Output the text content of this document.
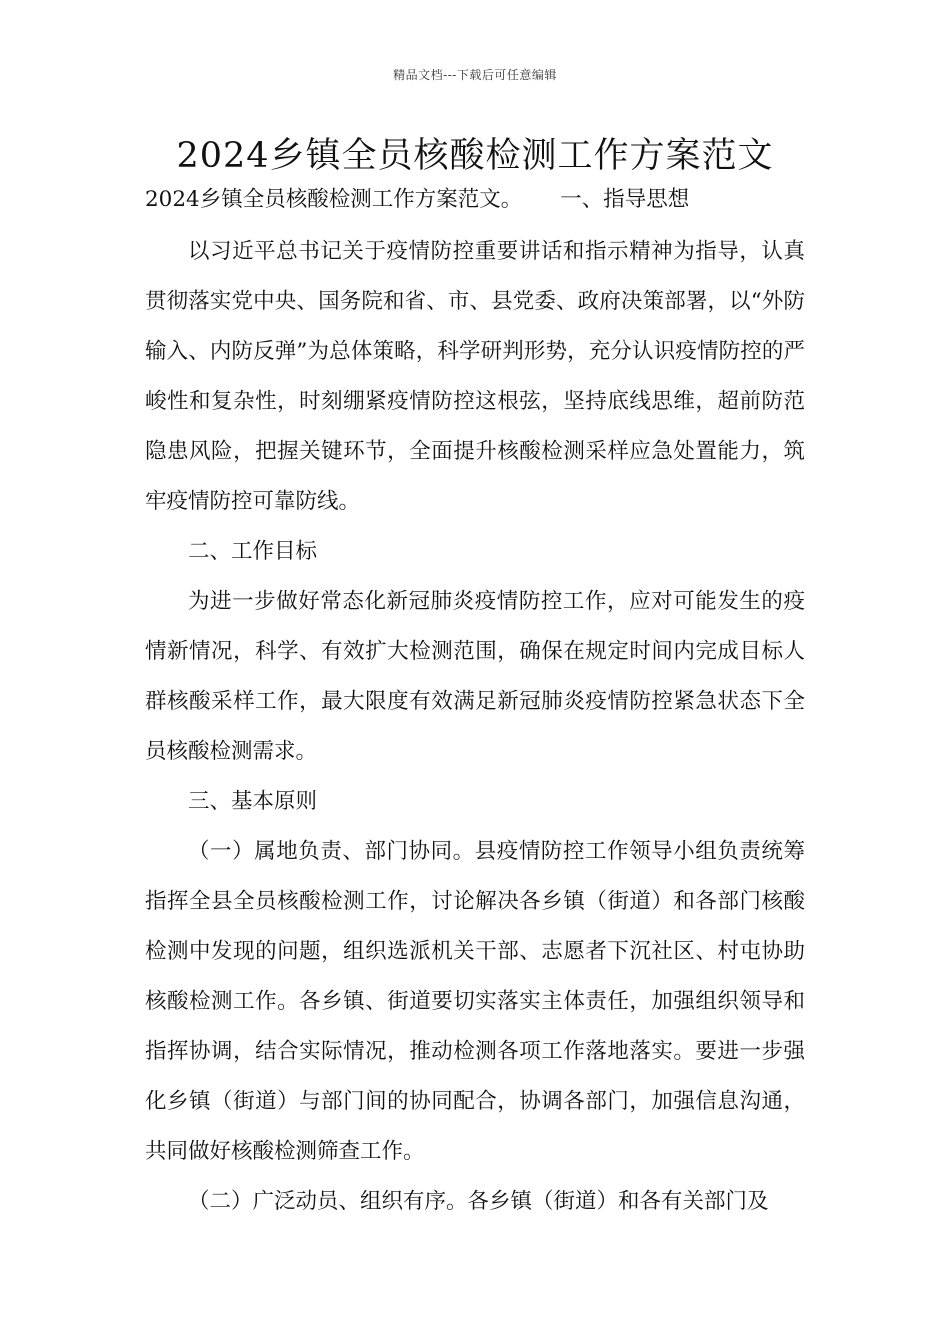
精品文档---下载后可任意编辑
2024乡镇全员核酸检测工作方案范文

2024乡镇全员核酸检测工作方案范文。 一、指导思想

以习近平总书记关于疫情防控重要讲话和指示精神为指导，认真贯彻落实党中央、国务院和省、市、县党委、政府决策部署，以“外防输入、内防反弹”为总体策略，科学研判形势，充分认识疫情防控的严峻性和复杂性，时刻绷紧疫情防控这根弦，坚持底线思维，超前防范隐患风险，把握关键环节，全面提升核酸检测采样应急处置能力，筑牢疫情防控可靠防线。

二、工作目标

为进一步做好常态化新冠肺炎疫情防控工作，应对可能发生的疫情新情况，科学、有效扩大检测范围，确保在规定时间内完成目标人群核酸采样工作，最大限度有效满足新冠肺炎疫情防控紧急状态下全员核酸检测需求。

三、基本原则

（一）属地负责、部门协同。县疫情防控工作领导小组负责统筹指挥全县全员核酸检测工作，讨论解决各乡镇（街道）和各部门核酸检测中发现的问题，组织选派机关干部、志愿者下沉社区、村屯协助核酸检测工作。各乡镇、街道要切实落实主体责任，加强组织领导和指挥协调，结合实际情况，推动检测各项工作落地落实。要进一步强化乡镇（街道）与部门间的协同配合，协调各部门，加强信息沟通，共同做好核酸检测筛查工作。

（二）广泛动员、组织有序。各乡镇（街道）和各有关部门及
